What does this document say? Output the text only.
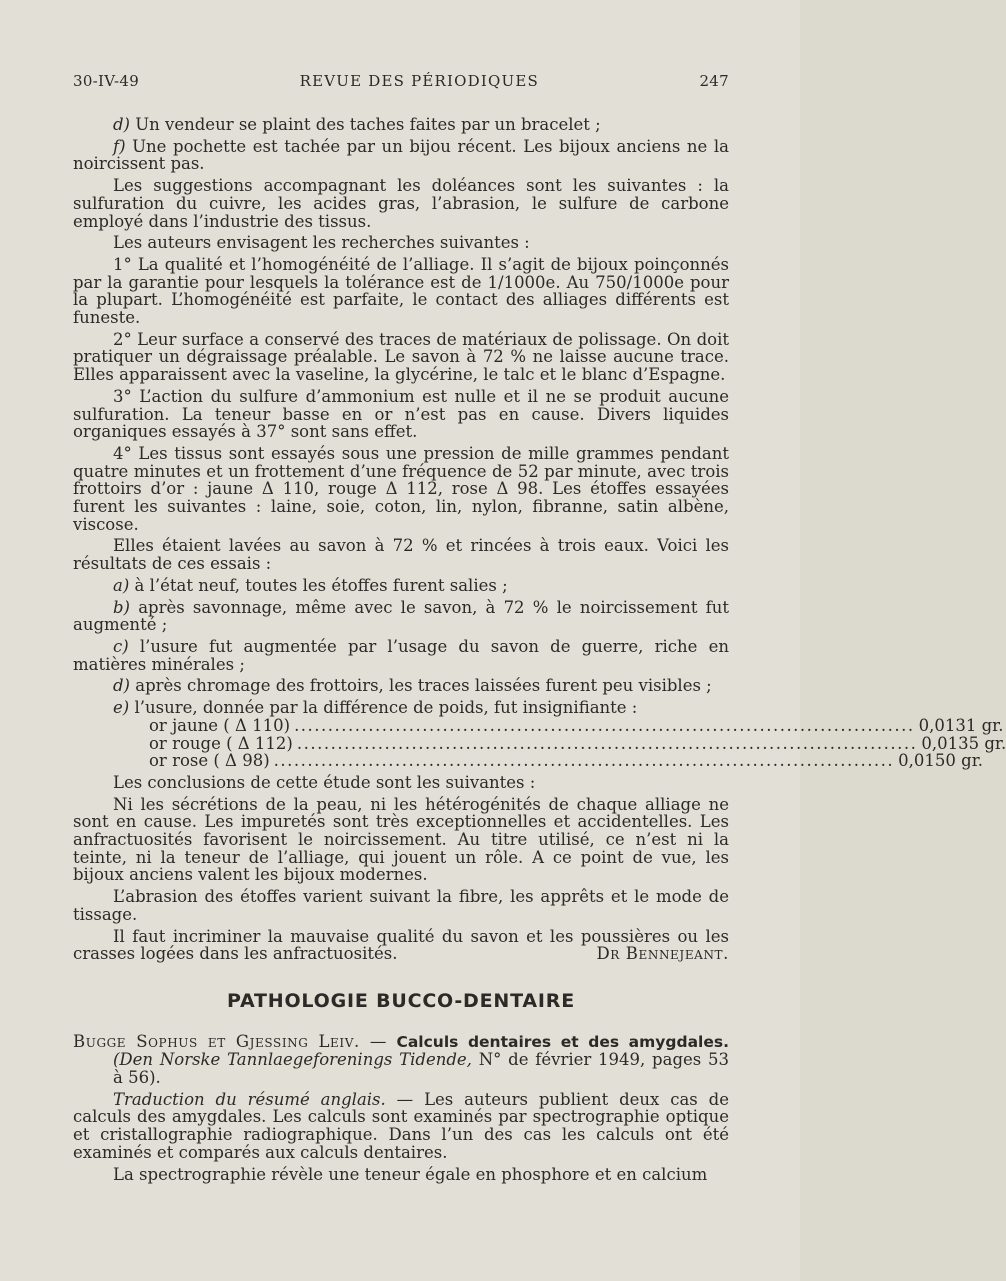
30-IV-49	REVUE DES PÉRIODIQUES	247

d) Un vendeur se plaint des taches faites par un bracelet ;

f) Une pochette est tachée par un bijou récent. Les bijoux anciens ne la noircissent pas.

Les suggestions accompagnant les doléances sont les suivantes : la sulfuration du cuivre, les acides gras, l’abrasion, le sulfure de carbone employé dans l’industrie des tissus.

Les auteurs envisagent les recherches suivantes :

1° La qualité et l’homogénéité de l’alliage. Il s’agit de bijoux poinçonnés par la garantie pour lesquels la tolérance est de 1/1000e. Au 750/1000e pour la plupart. L’homogénéité est parfaite, le contact des alliages différents est funeste.

2° Leur surface a conservé des traces de matériaux de polissage. On doit pratiquer un dégraissage préalable. Le savon à 72 % ne laisse aucune trace. Elles apparaissent avec la vaseline, la glycérine, le talc et le blanc d’Espagne.

3° L’action du sulfure d’ammonium est nulle et il ne se produit aucune sulfuration. La teneur basse en or n’est pas en cause. Divers liquides organiques essayés à 37° sont sans effet.

4° Les tissus sont essayés sous une pression de mille grammes pendant quatre minutes et un frottement d’une fréquence de 52 par minute, avec trois frottoirs d’or : jaune Δ 110, rouge Δ 112, rose Δ 98. Les étoffes essayées furent les suivantes : laine, soie, coton, lin, nylon, fibranne, satin albène, viscose.

Elles étaient lavées au savon à 72 % et rincées à trois eaux. Voici les résultats de ces essais :

a) à l’état neuf, toutes les étoffes furent salies ;

b) après savonnage, même avec le savon, à 72 % le noircissement fut augmenté ;

c) l’usure fut augmentée par l’usage du savon de guerre, riche en matières minérales ;

d) après chromage des frottoirs, les traces laissées furent peu visibles ;

e) l’usure, donnée par la différence de poids, fut insignifiante :

or jaune ( Δ 110) ............................................................................................ 0,0131 gr.
or rouge ( Δ 112) ............................................................................................ 0,0135 gr.
or rose ( Δ 98) ............................................................................................ 0,0150 gr.

Les conclusions de cette étude sont les suivantes :

Ni les sécrétions de la peau, ni les hétérogénités de chaque alliage ne sont en cause. Les impuretés sont très exceptionnelles et accidentelles. Les anfractuosités favorisent le noircissement. Au titre utilisé, ce n’est ni la teinte, ni la teneur de l’alliage, qui jouent un rôle. A ce point de vue, les bijoux anciens valent les bijoux modernes.

L’abrasion des étoffes varient suivant la fibre, les apprêts et le mode de tissage.

Il faut incriminer la mauvaise qualité du savon et les poussières ou les crasses logées dans les anfractuosités.	Dr Bennejeant.

PATHOLOGIE BUCCO-DENTAIRE

Bugge Sophus et Gjessing Leiv. — Calculs dentaires et des amygdales. (Den Norske Tannlaegeforenings Tidende, N° de février 1949, pages 53 à 56).

Traduction du résumé anglais. — Les auteurs publient deux cas de calculs des amygdales. Les calculs sont examinés par spectrographie optique et cristallographie radiographique. Dans l’un des cas les calculs ont été examinés et comparés aux calculs dentaires.

La spectrographie révèle une teneur égale en phosphore et en calcium
